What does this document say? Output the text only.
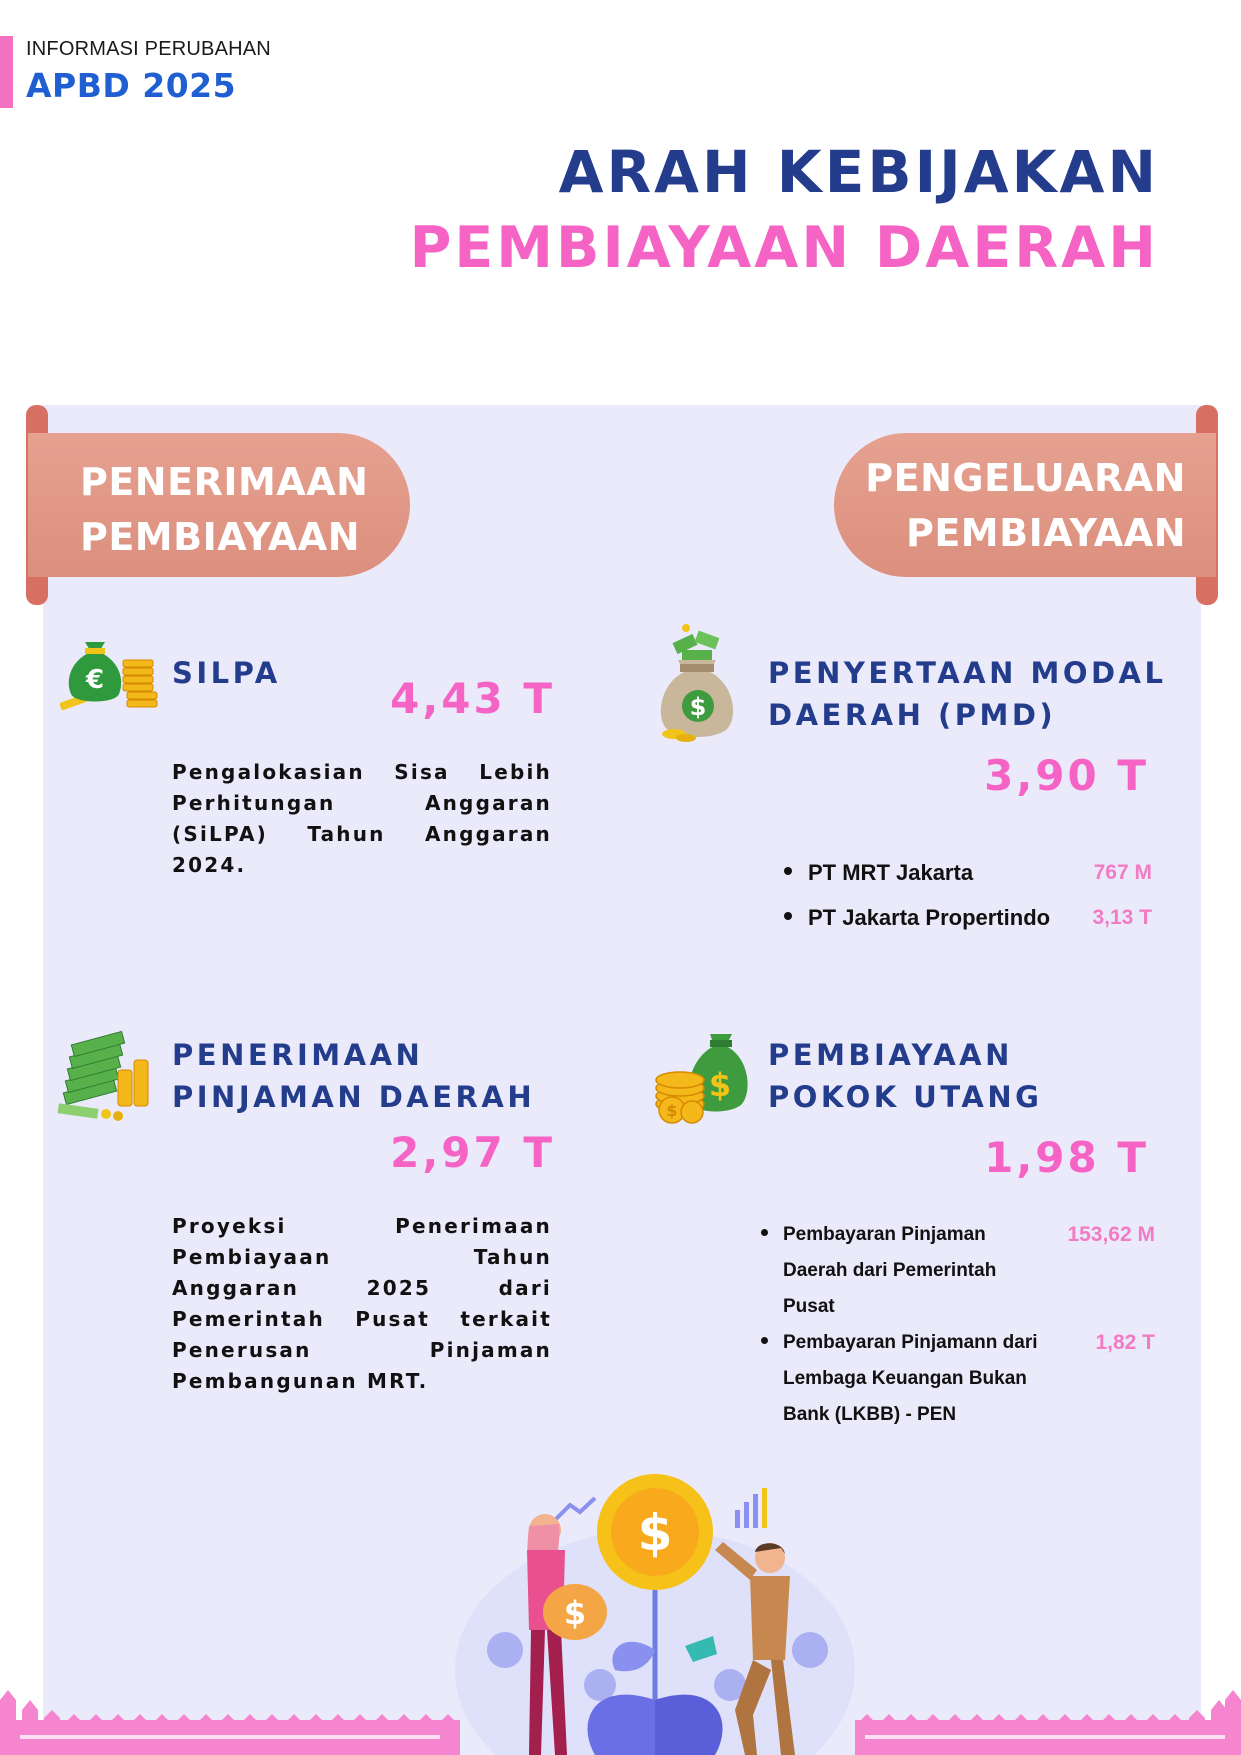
INFORMASI PERUBAHAN
APBD 2025
ARAH KEBIJAKAN
PEMBIAYAAN DAERAH
PENERIMAAN
PEMBIAYAAN
PENGELUARAN
PEMBIAYAAN
€ SILPA
4,43 T
Pengalokasian Sisa Lebih Perhitungan Anggaran (SiLPA) Tahun Anggaran 2024.
$
PENYERTAAN MODAL
DAERAH (PMD)
3,90 T
PT MRT Jakarta	767 M
PT Jakarta Propertindo 3,13 T
PENERIMAAN
PINJAMAN DAERAH
2,97 T
Proyeksi Penerimaan Pembiayaan Tahun Anggaran 2025 dari Pemerintah Pusat terkait Penerusan Pinjaman Pembangunan MRT.
$
$
PEMBIAYAAN
POKOK UTANG
1,98 T
Pembayaran Pinjaman Daerah dari Pemerintah Pusat
153,62 M
Pembayaran Pinjamann dari Lembaga Keuangan Bukan Bank (LKBB) - PEN
1,82 T
$
$
